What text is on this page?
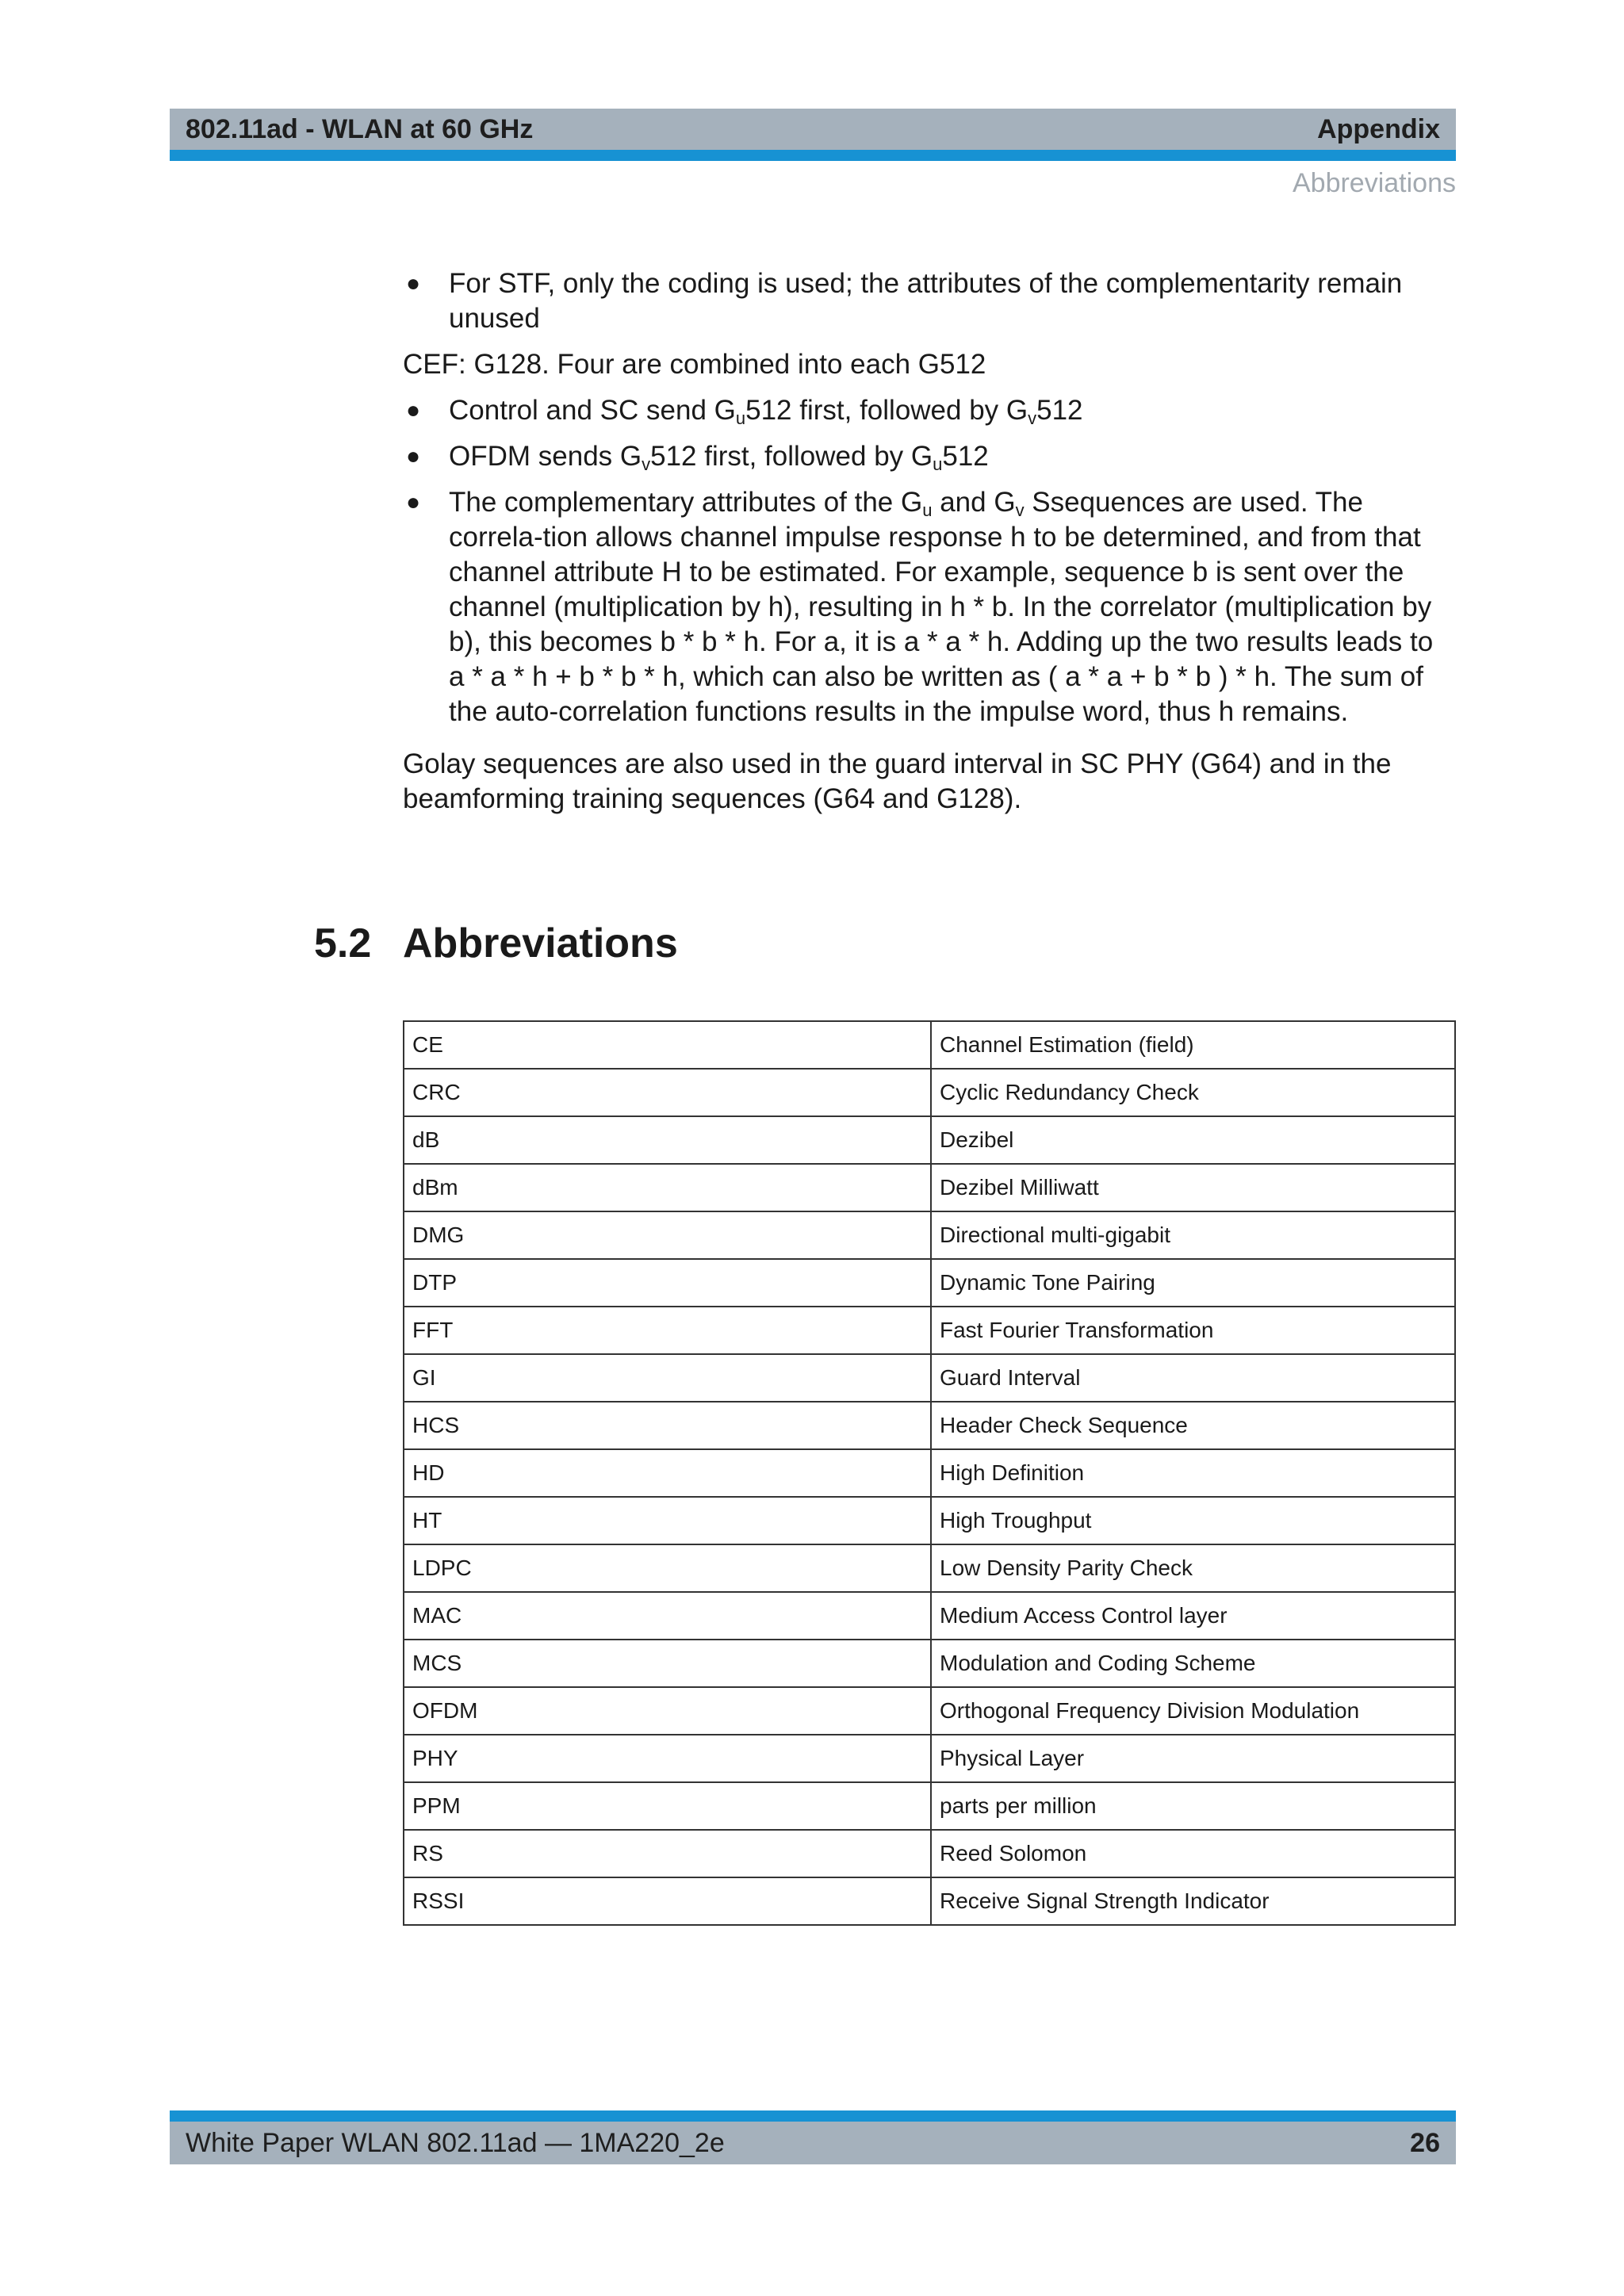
802.11ad - WLAN at 60 GHz	Appendix
Abbreviations
● For STF, only the coding is used; the attributes of the complementarity remain unused

CEF: G128. Four are combined into each G512

● Control and SC send $G_u512$ first, followed by $G_v512$
● OFDM sends $G_v512$ first, followed by $G_u512$
● The complementary attributes of the $G_u$ and $G_v$ Ssequences are used. The correla-tion allows channel impulse response h to be determined, and from that channel attribute H to be estimated. For example, sequence b is sent over the channel (multiplication by h), resulting in h * b. In the correlator (multiplication by b), this becomes b * b * h. For a, it is a * a * h. Adding up the two results leads to a * a * h + b * b * h, which can also be written as ( a * a + b * b ) * h. The sum of the auto-correlation functions results in the impulse word, thus h remains.

Golay sequences are also used in the guard interval in SC PHY (G64) and in the beamforming training sequences (G64 and G128).

5.2 Abbreviations
CE	Channel Estimation (field)
CRC	Cyclic Redundancy Check
dB	Dezibel
dBm	Dezibel Milliwatt
DMG	Directional multi-gigabit
DTP	Dynamic Tone Pairing
FFT	Fast Fourier Transformation
GI	Guard Interval
HCS	Header Check Sequence
HD	High Definition
HT	High Troughput
LDPC	Low Density Parity Check
MAC	Medium Access Control layer
MCS	Modulation and Coding Scheme
OFDM	Orthogonal Frequency Division Modulation
PHY	Physical Layer
PPM	parts per million
RS	Reed Solomon
RSSI	Receive Signal Strength Indicator
White Paper WLAN 802.11ad — 1MA220_2e	26
